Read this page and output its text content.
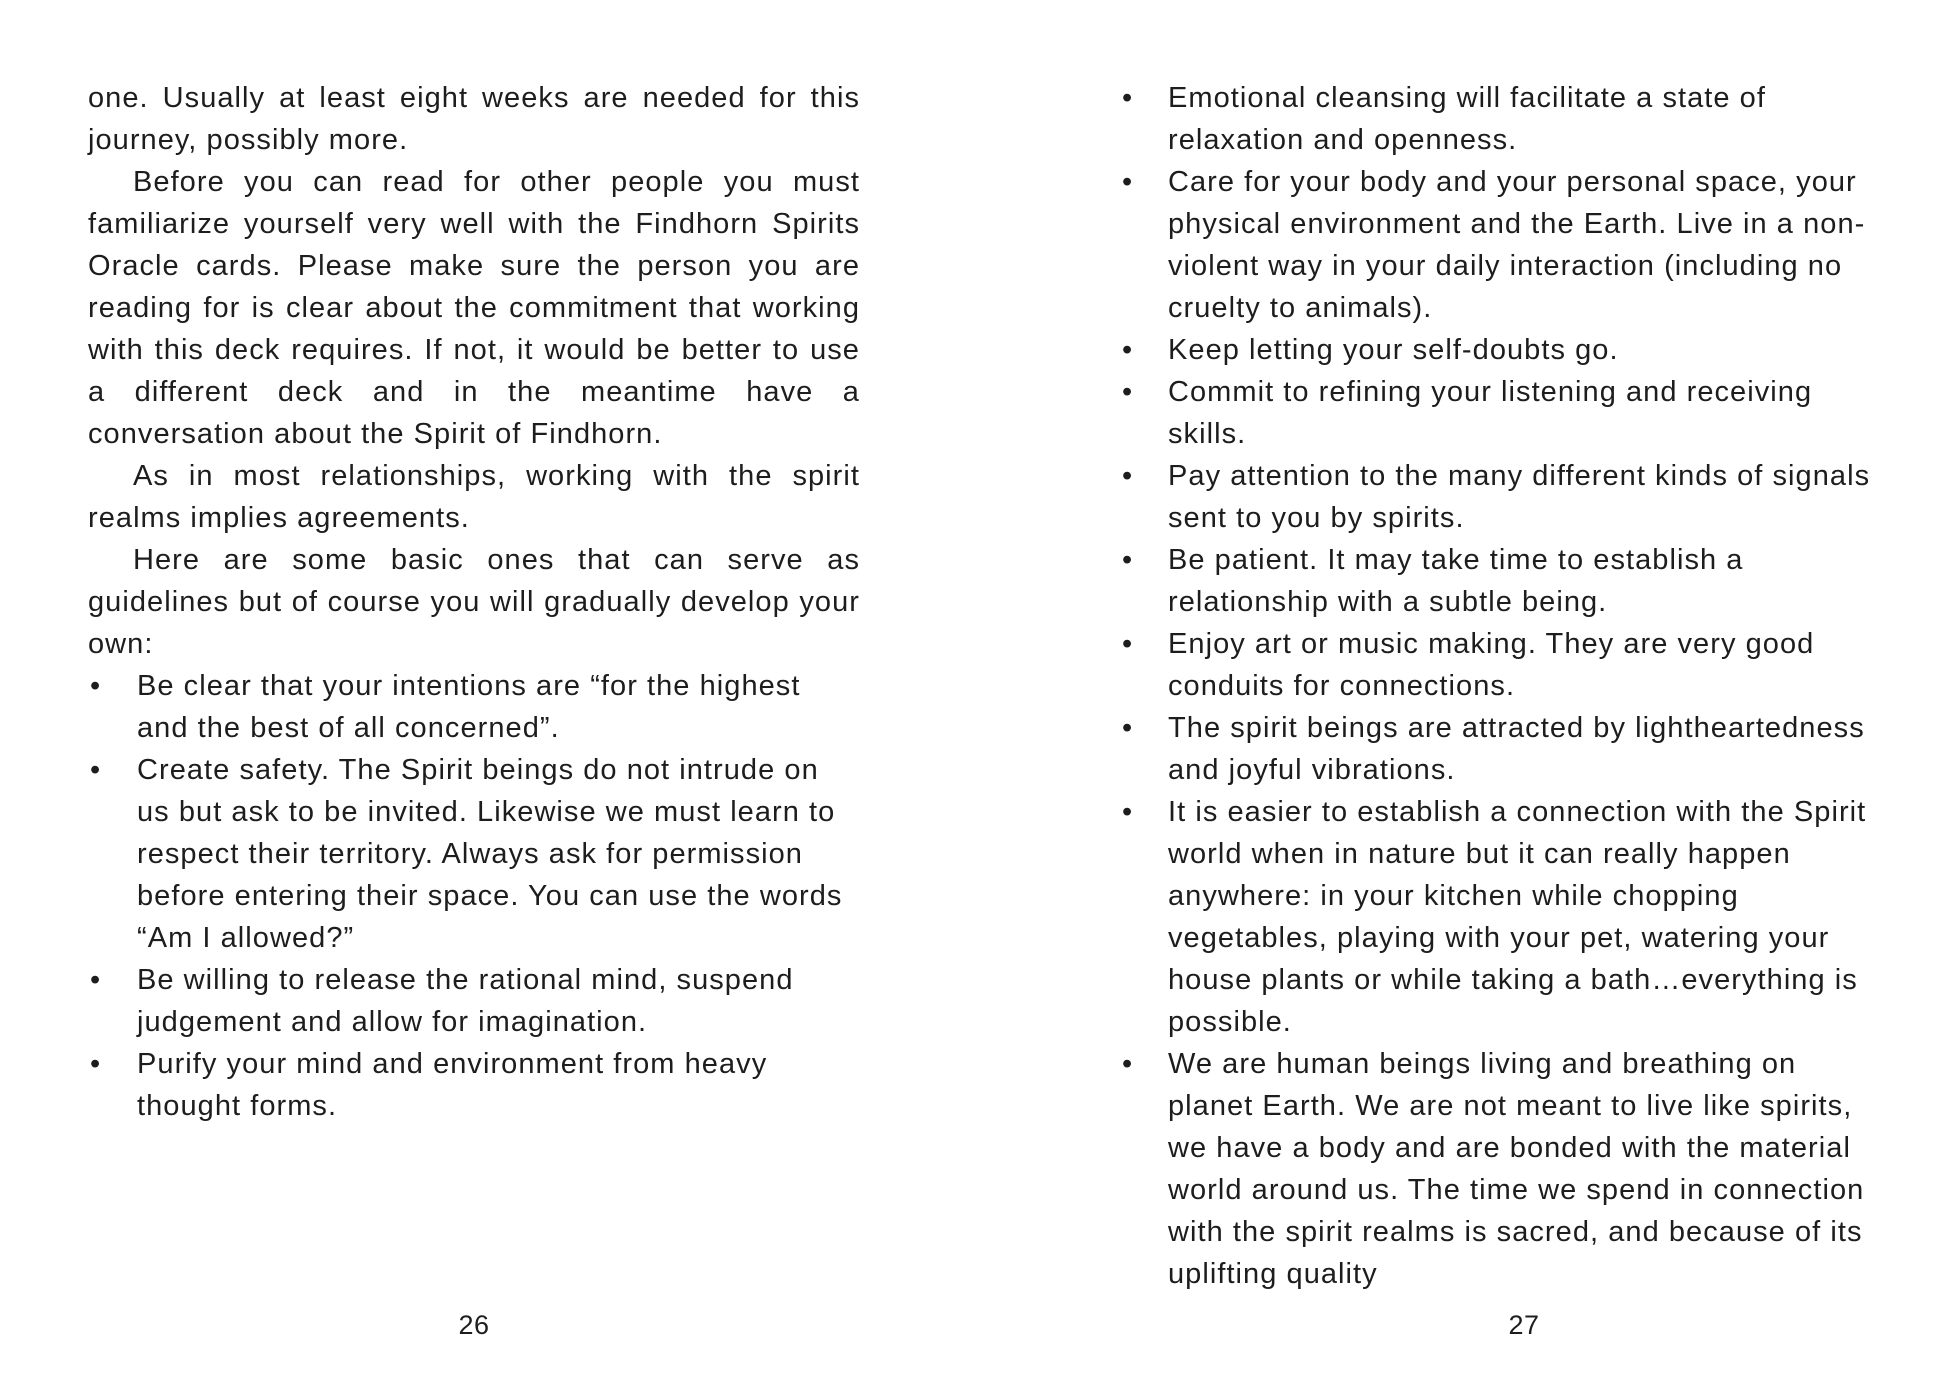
one. Usually at least eight weeks are needed for this journey, possibly more.

Before you can read for other people you must familiarize yourself very well with the Findhorn Spirits Oracle cards. Please make sure the person you are reading for is clear about the commitment that working with this deck requires. If not, it would be better to use a different deck and in the meantime have a conversation about the Spirit of Findhorn.

As in most relationships, working with the spirit realms implies agreements.

Here are some basic ones that can serve as guidelines but of course you will gradually develop your own:

• Be clear that your intentions are “for the highest and the best of all concerned”.
• Create safety. The Spirit beings do not intrude on us but ask to be invited. Likewise we must learn to respect their territory. Always ask for permission before entering their space. You can use the words “Am I allowed?”
• Be willing to release the rational mind, suspend judgement and allow for imagination.
• Purify your mind and environment from heavy thought forms.
26
• Emotional cleansing will facilitate a state of relaxation and openness.
• Care for your body and your personal space, your physical environment and the Earth. Live in a non-violent way in your daily interaction (including no cruelty to animals).
• Keep letting your self-doubts go.
• Commit to refining your listening and receiving skills.
• Pay attention to the many different kinds of signals sent to you by spirits.
• Be patient. It may take time to establish a relationship with a subtle being.
• Enjoy art or music making. They are very good conduits for connections.
• The spirit beings are attracted by lightheartedness and joyful vibrations.
• It is easier to establish a connection with the Spirit world when in nature but it can really happen anywhere: in your kitchen while chopping vegetables, playing with your pet, watering your house plants or while taking a bath…everything is possible.
• We are human beings living and breathing on planet Earth. We are not meant to live like spirits, we have a body and are bonded with the material world around us. The time we spend in connection with the spirit realms is sacred, and because of its uplifting quality
27
